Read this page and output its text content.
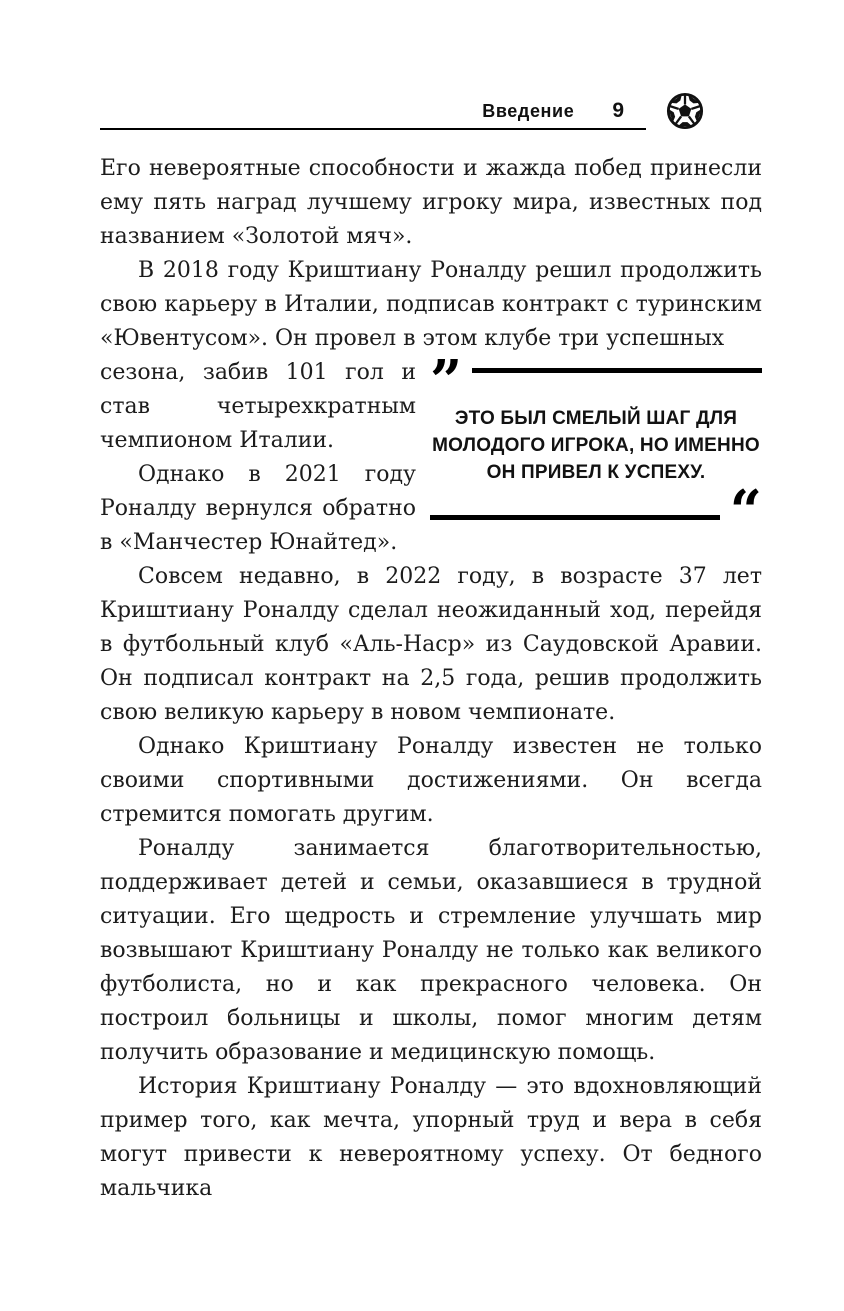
Введение 9

Его невероятные способности и жажда побед принесли ему пять наград лучшему игроку мира, известных под названием «Золотой мяч».

В 2018 году Криштиану Роналду решил продолжить свою карьеру в Италии, подписав контракт с туринским «Ювентусом». Он провел в этом клубе три успешных

сезона, забив 101 гол и став четырехкратным чемпионом Италии.

Однако в 2021 году Роналду вернулся обратно в «Манчестер Юнайтед».

”
ЭТО БЫЛ СМЕЛЫЙ ШАГ ДЛЯ
МОЛОДОГО ИГРОКА, НО ИМЕННО
ОН ПРИВЕЛ К УСПЕХУ.
“

Совсем недавно, в 2022 году, в возрасте 37 лет Криштиану Роналду сделал неожиданный ход, перейдя в футбольный клуб «Аль-Наср» из Саудовской Аравии. Он подписал контракт на 2,5 года, решив продолжить свою великую карьеру в новом чемпионате.

Однако Криштиану Роналду известен не только своими спортивными достижениями. Он всегда стремится помогать другим.

Роналду занимается благотворительностью, поддерживает детей и семьи, оказавшиеся в трудной ситуации. Его щедрость и стремление улучшать мир возвышают Криштиану Роналду не только как великого футболиста, но и как прекрасного человека. Он построил больницы и школы, помог многим детям получить образование и медицинскую помощь.

История Криштиану Роналду — это вдохновляющий пример того, как мечта, упорный труд и вера в себя могут привести к невероятному успеху. От бедного мальчика
